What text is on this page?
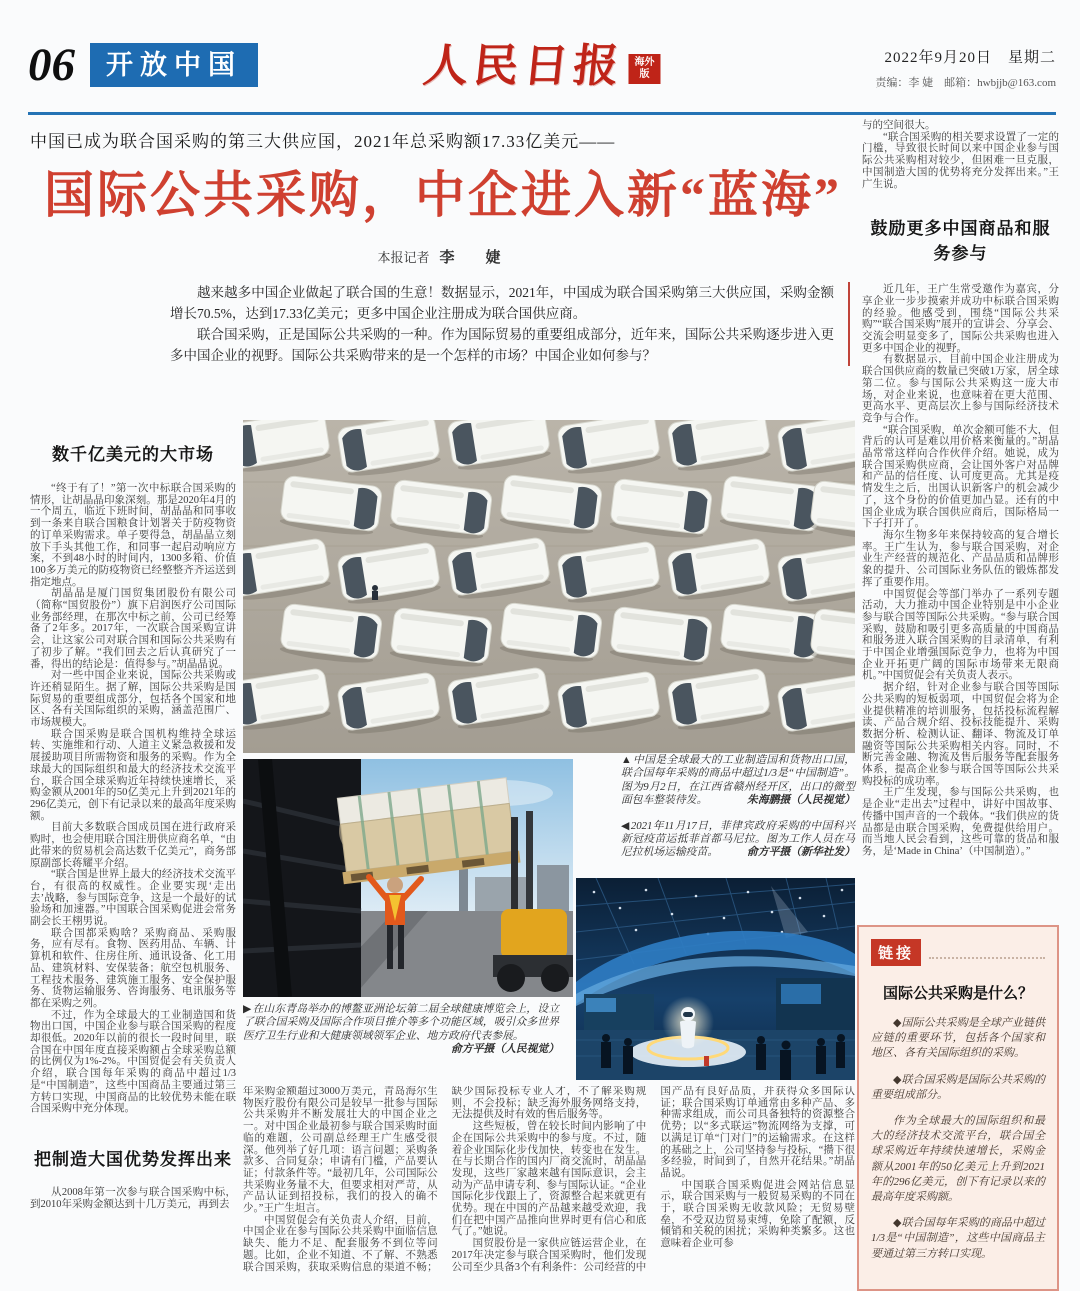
06	开放中国	人民日报 海外版
2022年9月20日　星期二
责编：李 婕　邮箱：hwbjjb@163.com
中国已成为联合国采购的第三大供应国，2021年总采购额17.33亿美元——
国际公共采购，中企进入新“蓝海”
本报记者 李　婕

越来越多中国企业做起了联合国的生意！数据显示，2021年，中国成为联合国采购第三大供应国，采购金额增长70.5%，达到17.33亿美元；更多中国企业注册成为联合国供应商。

联合国采购，正是国际公共采购的一种。作为国际贸易的重要组成部分，近年来，国际公共采购逐步进入更多中国企业的视野。国际公共采购带来的是一个怎样的市场？中国企业如何参与？

数千亿美元的大市场

“终于有了！”第一次中标联合国采购的情形，让胡晶晶印象深刻。那是2020年4月的一个周五，临近下班时间，胡晶晶和同事收到一条来自联合国粮食计划署关于防疫物资的订单采购需求。单子要得急，胡晶晶立刻放下手头其他工作，和同事一起启动响应方案，不到48小时的时间内，1300多箱、价值100多万美元的防疫物资已经整整齐齐运送到指定地点。

胡晶晶是厦门国贸集团股份有限公司（简称“国贸股份”）旗下启润医疗公司国际业务部经理，在那次中标之前，公司已经筹备了2年多。2017年，一次联合国采购宣讲会，让这家公司对联合国和国际公共采购有了初步了解。“我们回去之后认真研究了一番，得出的结论是：值得参与。”胡晶晶说。

对一些中国企业来说，国际公共采购或许还稍显陌生。据了解，国际公共采购是国际贸易的重要组成部分，包括各个国家和地区、各有关国际组织的采购，涵盖范围广、市场规模大。

联合国采购是联合国机构维持全球运转、实施维和行动、人道主义紧急救援和发展援助项目所需物资和服务的采购。作为全球最大的国际组织和最大的经济技术交流平台，联合国全球采购近年持续快速增长，采购金额从2001年的50亿美元上升到2021年的296亿美元，创下有记录以来的最高年度采购额。

目前大多数联合国成员国在进行政府采购时，也会使用联合国注册供应商名单，“由此带来的贸易机会高达数千亿美元”，商务部原副部长蒋耀平介绍。

“联合国是世界上最大的经济技术交流平台，有很高的权威性。企业要实现‘走出去’战略，参与国际竞争，这是一个最好的试验场和加速器。”中国联合国采购促进会常务副会长王栩男说。

联合国都采购啥？采购商品、采购服务，应有尽有。食物、医药用品、车辆、计算机和软件、住房住所、通讯设备、化工用品、建筑材料、安保装备；航空包机服务、工程技术服务、建筑施工服务、安全保护服务、货物运输服务、咨询服务、电讯服务等都在采购之列。

不过，作为全球最大的工业制造国和货物出口国，中国企业参与联合国采购的程度却很低。2020年以前的很长一段时间里，联合国在中国年度直接采购额占全球采购总额的比例仅为1%-2%。中国贸促会有关负责人介绍，联合国每年采购的商品中超过1/3是“中国制造”，这些中国商品主要通过第三方转口实现，中国商品的比较优势未能在联合国采购中充分体现。

把制造大国优势发挥出来

从2008年第一次参与联合国采购中标，到2010年采购金额达到十几万美元，再到去

▲中国是全球最大的工业制造国和货物出口国，联合国每年采购的商品中超过1/3是“中国制造”。图为9月2日，在江西省赣州经开区，出口的微型面包车整装待发。	朱海鹏摄（人民视觉）
◀2021年11月17日，菲律宾政府采购的中国科兴新冠疫苗运抵菲首都马尼拉。图为工作人员在马尼拉机场运输疫苗。	俞方平摄（新华社发）
▶在山东青岛举办的博鳌亚洲论坛第二届全球健康博览会上，设立了联合国采购及国际合作项目推介等多个功能区域，吸引众多世界医疗卫生行业和大健康领域领军企业、地方政府代表参展。
俞方平摄（人民视觉）

年采购金额超过3000万美元，青岛海尔生物医疗股份有限公司是较早一批参与国际公共采购并不断发展壮大的中国企业之一。对中国企业最初参与联合国采购时面临的难题，公司副总经理王广生感受很深。他列举了好几项：语言问题；采购条款多、合同复杂；申请有门槛，产品要认证；付款条件等。“最初几年，公司国际公共采购业务量不大，但要求相对严苛，从产品认证到招投标，我们的投入的确不少。”王广生坦言。

中国贸促会有关负责人介绍，目前，中国企业在参与国际公共采购中面临信息缺失、能力不足、配套服务不到位等问题。比如，企业不知道、不了解、不熟悉联合国采购，获取采购信息的渠道不畅；缺少国际投标专业人才，不了解采购规则，不会投标；缺乏海外服务网络支持，无法提供及时有效的售后服务等。

这些短板，曾在较长时间内影响了中企在国际公共采购中的参与度。不过，随着企业国际化步伐加快，转变也在发生。在与长期合作的国内厂商交流时，胡晶晶发现，这些厂家越来越有国际意识，会主动为产品申请专利、参与国际认证。“企业国际化步伐跟上了，资源整合起来就更有优势。现在中国的产品越来越受欢迎，我们在把中国产品推向世界时更有信心和底气了。”她说。

国贸股份是一家供应链运营企业，在2017年决定参与联合国采购时，他们发现公司至少具备3个有利条件：公司经营的中国产品有良好品质，并获得众多国际认证；联合国采购订单通常由多种产品、多种需求组成，而公司具备独特的资源整合优势；以“多式联运”物流网络为支撑，可以满足订单“门对门”的运输需求。在这样的基础之上，公司坚持参与投标，“攒下很多经验，时间到了，自然开花结果。”胡晶晶说。

中国联合国采购促进会网站信息显示，联合国采购与一般贸易采购的不同在于，联合国采购无收款风险；无贸易壁垒，不受双边贸易束缚，免除了配额，反倾销和关税的困扰；采购种类繁多。这也意味着企业可参

与的空间很大。

“联合国采购的相关要求设置了一定的门槛，导致很长时间以来中国企业参与国际公共采购相对较少，但困难一旦克服，中国制造大国的优势将充分发挥出来。”王广生说。

鼓励更多中国商品和服务参与

近几年，王广生常受邀作为嘉宾，分享企业一步步摸索并成功中标联合国采购的经验。他感受到，围绕“国际公共采购”“联合国采购”展开的宣讲会、分享会、交流会明显变多了，国际公共采购也进入更多中国企业的视野。

有数据显示，目前中国企业注册成为联合国供应商的数量已突破1万家，居全球第二位。参与国际公共采购这一庞大市场，对企业来说，也意味着在更大范围、更高水平、更高层次上参与国际经济技术竞争与合作。

“联合国采购，单次金额可能不大，但背后的认可是难以用价格来衡量的。”胡晶晶常常这样向合作伙伴介绍。她说，成为联合国采购供应商，会让国外客户对品牌和产品的信任度、认可度更高。尤其是疫情发生之后，出国认识新客户的机会减少了，这个身份的价值更加凸显。还有的中国企业成为联合国供应商后，国际格局一下子打开了。

海尔生物多年来保持较高的复合增长率。王广生认为，参与联合国采购，对企业生产经营的规范化、产品品质和品牌形象的提升、公司国际业务队伍的锻炼都发挥了重要作用。

中国贸促会等部门举办了一系列专题活动，大力推动中国企业特别是中小企业参与联合国等国际公共采购。“参与联合国采购，鼓励和吸引更多高质量的中国商品和服务进入联合国采购的目录清单，有利于中国企业增强国际竞争力，也将为中国企业开拓更广阔的国际市场带来无限商机。”中国贸促会有关负责人表示。

据介绍，针对企业参与联合国等国际公共采购的短板弱项，中国贸促会将为企业提供精准的培训服务，包括投标流程解读、产品合规介绍、投标技能提升、采购数据分析、检测认证、翻译、物流及订单融资等国际公共采购相关内容。同时，不断完善金融、物流及售后服务等配套服务体系，提高企业参与联合国等国际公共采购投标的成功率。

王广生发现，参与国际公共采购，也是企业“走出去”过程中，讲好中国故事、传播中国声音的一个载体。“我们供应的货品都是由联合国采购，免费提供给用户。而当地人民会看到，这些可靠的货品和服务，是‘Made in China’（中国制造）。”

链接
国际公共采购是什么？

◆国际公共采购是全球产业链供应链的重要环节，包括各个国家和地区、各有关国际组织的采购。

◆联合国采购是国际公共采购的重要组成部分。

作为全球最大的国际组织和最大的经济技术交流平台，联合国全球采购近年持续快速增长，采购金额从2001年的50亿美元上升到2021年的296亿美元，创下有记录以来的最高年度采购额。

◆联合国每年采购的商品中超过1/3是“中国制造”，这些中国商品主要通过第三方转口实现。
